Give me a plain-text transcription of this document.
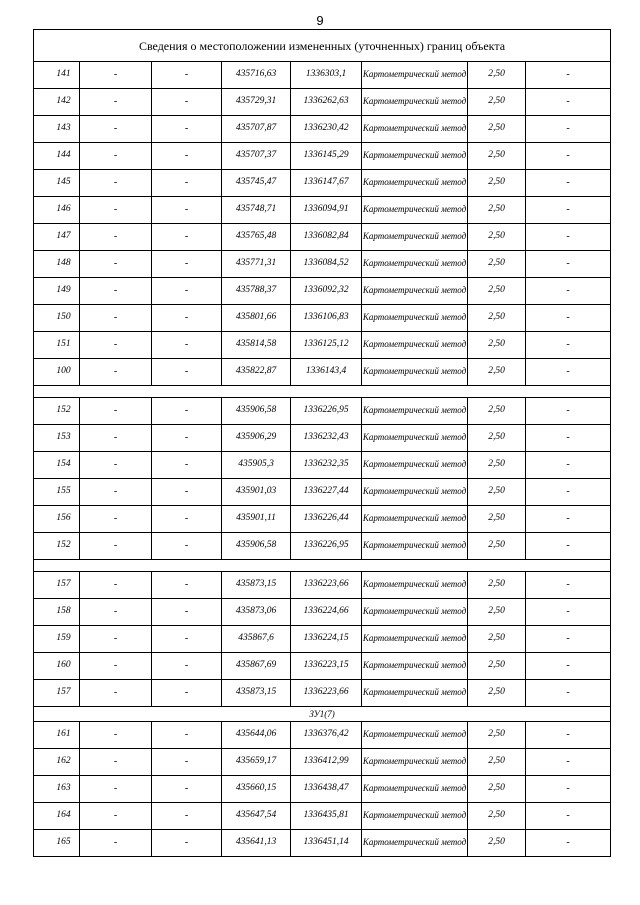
9
Сведения о местоположении измененных (уточненных) границ объекта							
141	-	-	435716,63	1336303,1	Картометрический метод	2,50	-
142	-	-	435729,31	1336262,63	Картометрический метод	2,50	-
143	-	-	435707,87	1336230,42	Картометрический метод	2,50	-
144	-	-	435707,37	1336145,29	Картометрический метод	2,50	-
145	-	-	435745,47	1336147,67	Картометрический метод	2,50	-
146	-	-	435748,71	1336094,91	Картометрический метод	2,50	-
147	-	-	435765,48	1336082,84	Картометрический метод	2,50	-
148	-	-	435771,31	1336084,52	Картометрический метод	2,50	-
149	-	-	435788,37	1336092,32	Картометрический метод	2,50	-
150	-	-	435801,66	1336106,83	Картометрический метод	2,50	-
151	-	-	435814,58	1336125,12	Картометрический метод	2,50	-
100	-	-	435822,87	1336143,4	Картометрический метод	2,50	-

152	-	-	435906,58	1336226,95	Картометрический метод	2,50	-
153	-	-	435906,29	1336232,43	Картометрический метод	2,50	-
154	-	-	435905,3	1336232,35	Картометрический метод	2,50	-
155	-	-	435901,03	1336227,44	Картометрический метод	2,50	-
156	-	-	435901,11	1336226,44	Картометрический метод	2,50	-
152	-	-	435906,58	1336226,95	Картометрический метод	2,50	-

157	-	-	435873,15	1336223,66	Картометрический метод	2,50	-
158	-	-	435873,06	1336224,66	Картометрический метод	2,50	-
159	-	-	435867,6	1336224,15	Картометрический метод	2,50	-
160	-	-	435867,69	1336223,15	Картометрический метод	2,50	-
157	-	-	435873,15	1336223,66	Картометрический метод	2,50	-
ЗУ1(7)							
161	-	-	435644,06	1336376,42	Картометрический метод	2,50	-
162	-	-	435659,17	1336412,99	Картометрический метод	2,50	-
163	-	-	435660,15	1336438,47	Картометрический метод	2,50	-
164	-	-	435647,54	1336435,81	Картометрический метод	2,50	-
165	-	-	435641,13	1336451,14	Картометрический метод	2,50	-
